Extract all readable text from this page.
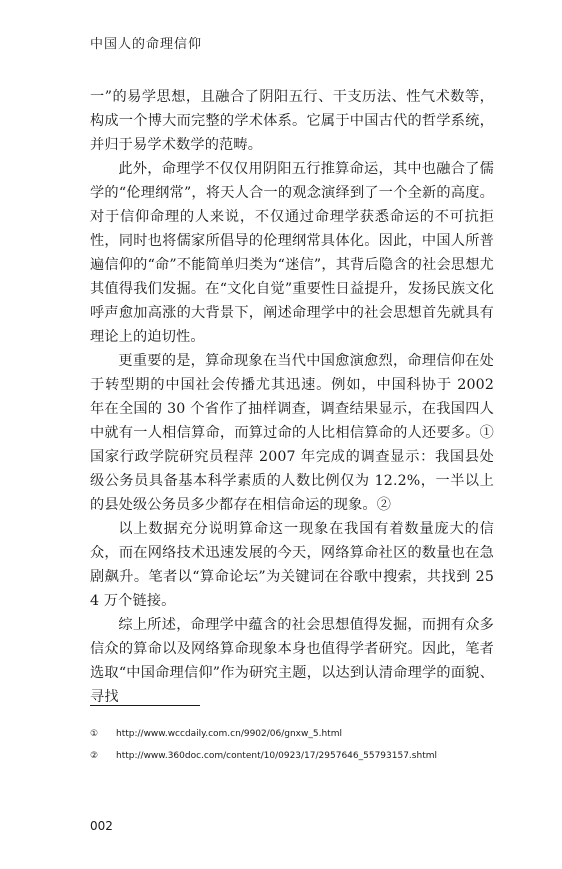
中国人的命理信仰

一”的易学思想，且融合了阴阳五行、干支历法、性气术数等，构成一个博大而完整的学术体系。它属于中国古代的哲学系统，并归于易学术数学的范畴。

此外，命理学不仅仅用阴阳五行推算命运，其中也融合了儒学的“伦理纲常”，将天人合一的观念演绎到了一个全新的高度。对于信仰命理的人来说，不仅通过命理学获悉命运的不可抗拒性，同时也将儒家所倡导的伦理纲常具体化。因此，中国人所普遍信仰的“命”不能简单归类为“迷信”，其背后隐含的社会思想尤其值得我们发掘。在“文化自觉”重要性日益提升，发扬民族文化呼声愈加高涨的大背景下，阐述命理学中的社会思想首先就具有理论上的迫切性。

更重要的是，算命现象在当代中国愈演愈烈，命理信仰在处于转型期的中国社会传播尤其迅速。例如，中国科协于 2002 年在全国的 30 个省作了抽样调查，调查结果显示，在我国四人中就有一人相信算命，而算过命的人比相信算命的人还要多。①国家行政学院研究员程萍 2007 年完成的调查显示：我国县处级公务员具备基本科学素质的人数比例仅为 12.2%，一半以上的县处级公务员多少都存在相信命运的现象。②

以上数据充分说明算命这一现象在我国有着数量庞大的信众，而在网络技术迅速发展的今天，网络算命社区的数量也在急剧飙升。笔者以“算命论坛”为关键词在谷歌中搜索，共找到 254 万个链接。

综上所述，命理学中蕴含的社会思想值得发掘，而拥有众多信众的算命以及网络算命现象本身也值得学者研究。因此，笔者选取“中国命理信仰”作为研究主题，以达到认清命理学的面貌、寻找

① http://www.wccdaily.com.cn/9902/06/gnxw_5.html
② http://www.360doc.com/content/10/0923/17/2957646_55793157.shtml
002
